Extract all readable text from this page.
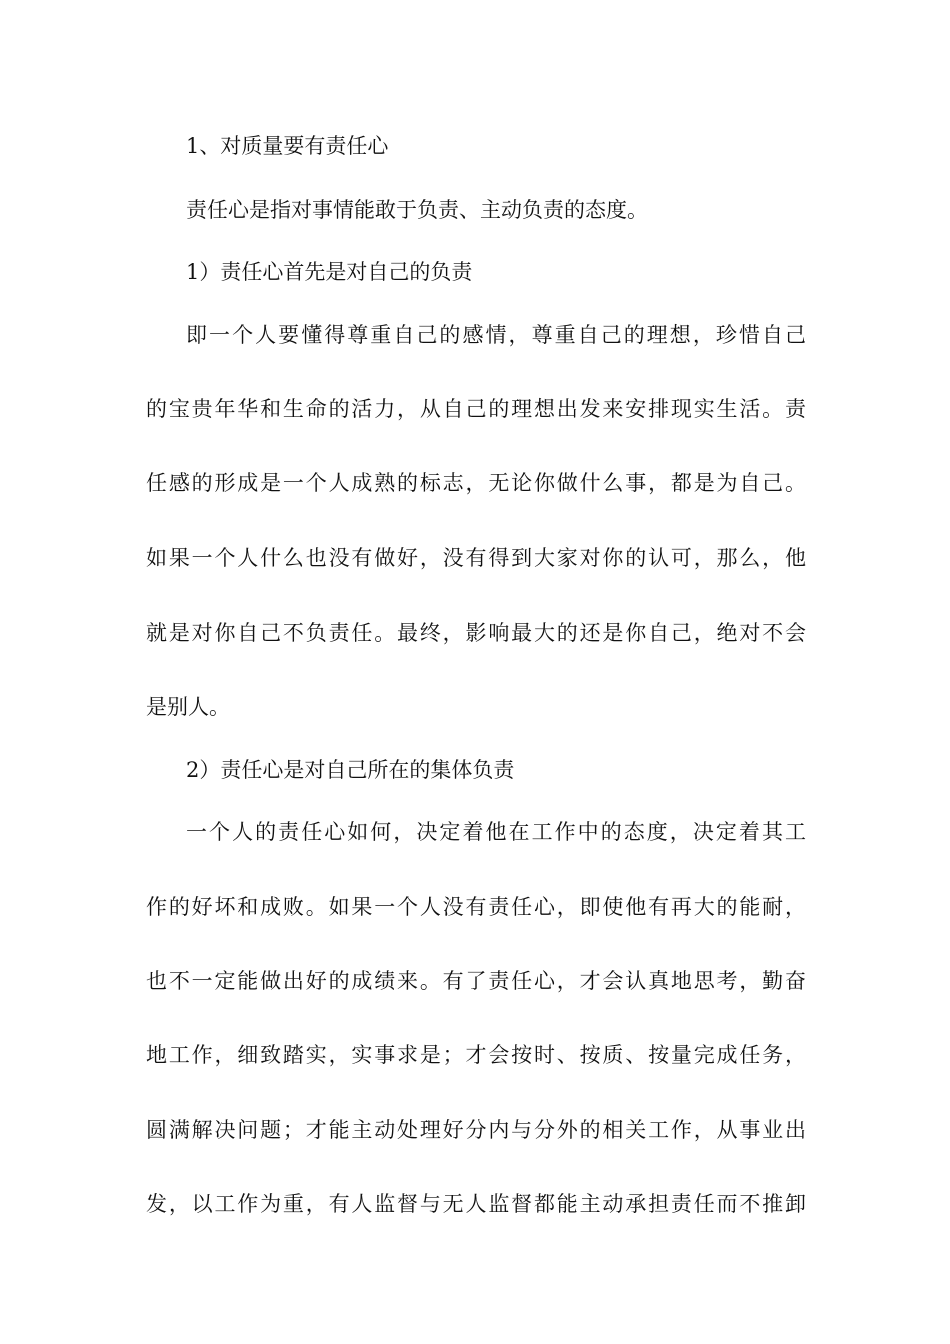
1、对质量要有责任心
责任心是指对事情能敢于负责、主动负责的态度。
1）责任心首先是对自己的负责
即一个人要懂得尊重自己的感情，尊重自己的理想，珍惜自己
的宝贵年华和生命的活力，从自己的理想出发来安排现实生活。责
任感的形成是一个人成熟的标志，无论你做什么事，都是为自己。
如果一个人什么也没有做好，没有得到大家对你的认可，那么，他
就是对你自己不负责任。最终，影响最大的还是你自己，绝对不会
是别人。
2）责任心是对自己所在的集体负责
一个人的责任心如何，决定着他在工作中的态度，决定着其工
作的好坏和成败。如果一个人没有责任心，即使他有再大的能耐，
也不一定能做出好的成绩来。有了责任心，才会认真地思考，勤奋
地工作，细致踏实，实事求是；才会按时、按质、按量完成任务，
圆满解决问题；才能主动处理好分内与分外的相关工作，从事业出
发，以工作为重，有人监督与无人监督都能主动承担责任而不推卸
